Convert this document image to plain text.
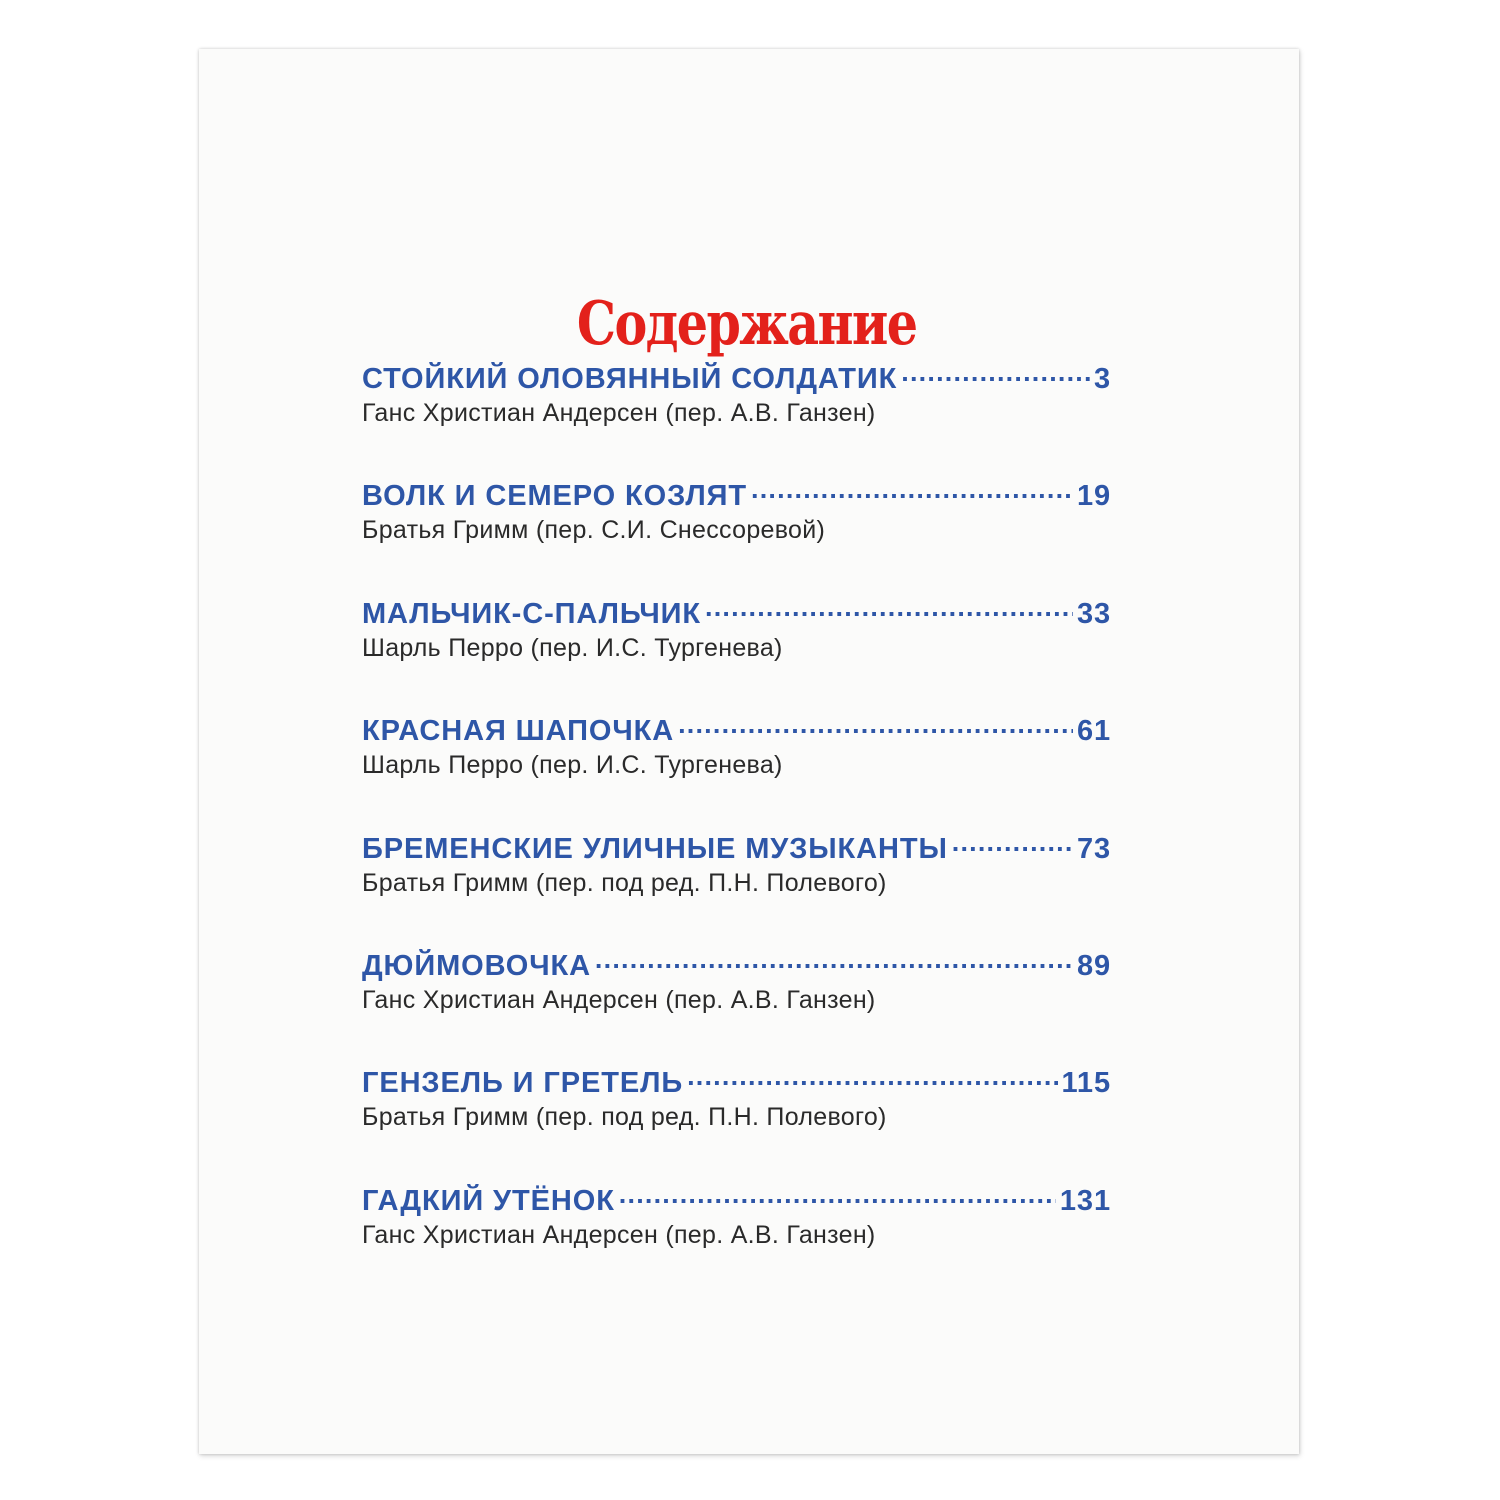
Содержание
СТОЙКИЙ ОЛОВЯННЫЙ СОЛДАТИК .....	3
Ганс Христиан Андерсен (пер. А.В. Ганзен)
ВОЛК И СЕМЕРО КОЗЛЯТ .....	19
Братья Гримм (пер. С.И. Снессоревой)
МАЛЬЧИК-С-ПАЛЬЧИК .....	33
Шарль Перро (пер. И.С. Тургенева)
КРАСНАЯ ШАПОЧКА .....	61
Шарль Перро (пер. И.С. Тургенева)
БРЕМЕНСКИЕ УЛИЧНЫЕ МУЗЫКАНТЫ .....	73
Братья Гримм (пер. под ред. П.Н. Полевого)
ДЮЙМОВОЧКА .....	89
Ганс Христиан Андерсен (пер. А.В. Ганзен)
ГЕНЗЕЛЬ И ГРЕТЕЛЬ .....	115
Братья Гримм (пер. под ред. П.Н. Полевого)
ГАДКИЙ УТЁНОК .....	131
Ганс Христиан Андерсен (пер. А.В. Ганзен)
